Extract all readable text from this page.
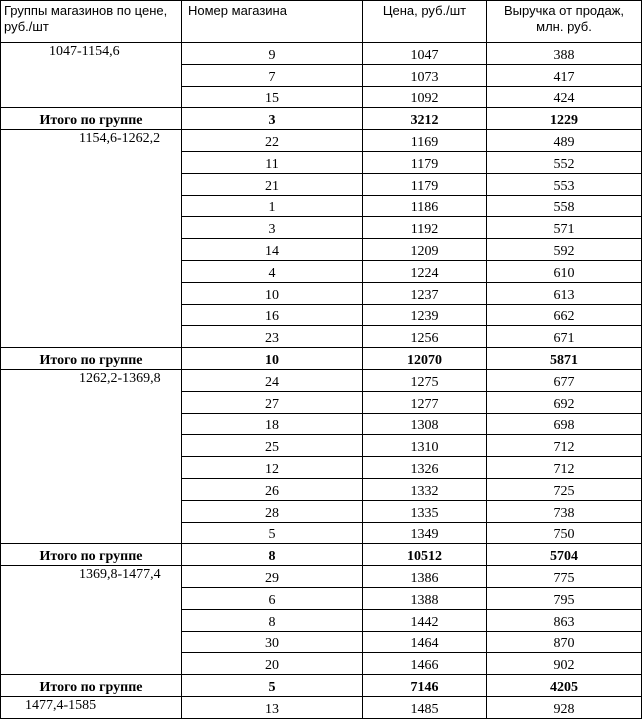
Группы магазинов по цене, руб./шт	Номер магазина	Цена, руб./шт	Выручка от продаж, млн. руб.
1047-1154,6	9	1047	388
	7	1073	417
	15	1092	424
Итого по группе	3	3212	1229
1154,6-1262,2	22	1169	489
	11	1179	552
	21	1179	553
	1	1186	558
	3	1192	571
	14	1209	592
	4	1224	610
	10	1237	613
	16	1239	662
	23	1256	671
Итого по группе	10	12070	5871
1262,2-1369,8	24	1275	677
	27	1277	692
	18	1308	698
	25	1310	712
	12	1326	712
	26	1332	725
	28	1335	738
	5	1349	750
Итого по группе	8	10512	5704
1369,8-1477,4	29	1386	775
	6	1388	795
	8	1442	863
	30	1464	870
	20	1466	902
Итого по группе	5	7146	4205
1477,4-1585	13	1485	928
